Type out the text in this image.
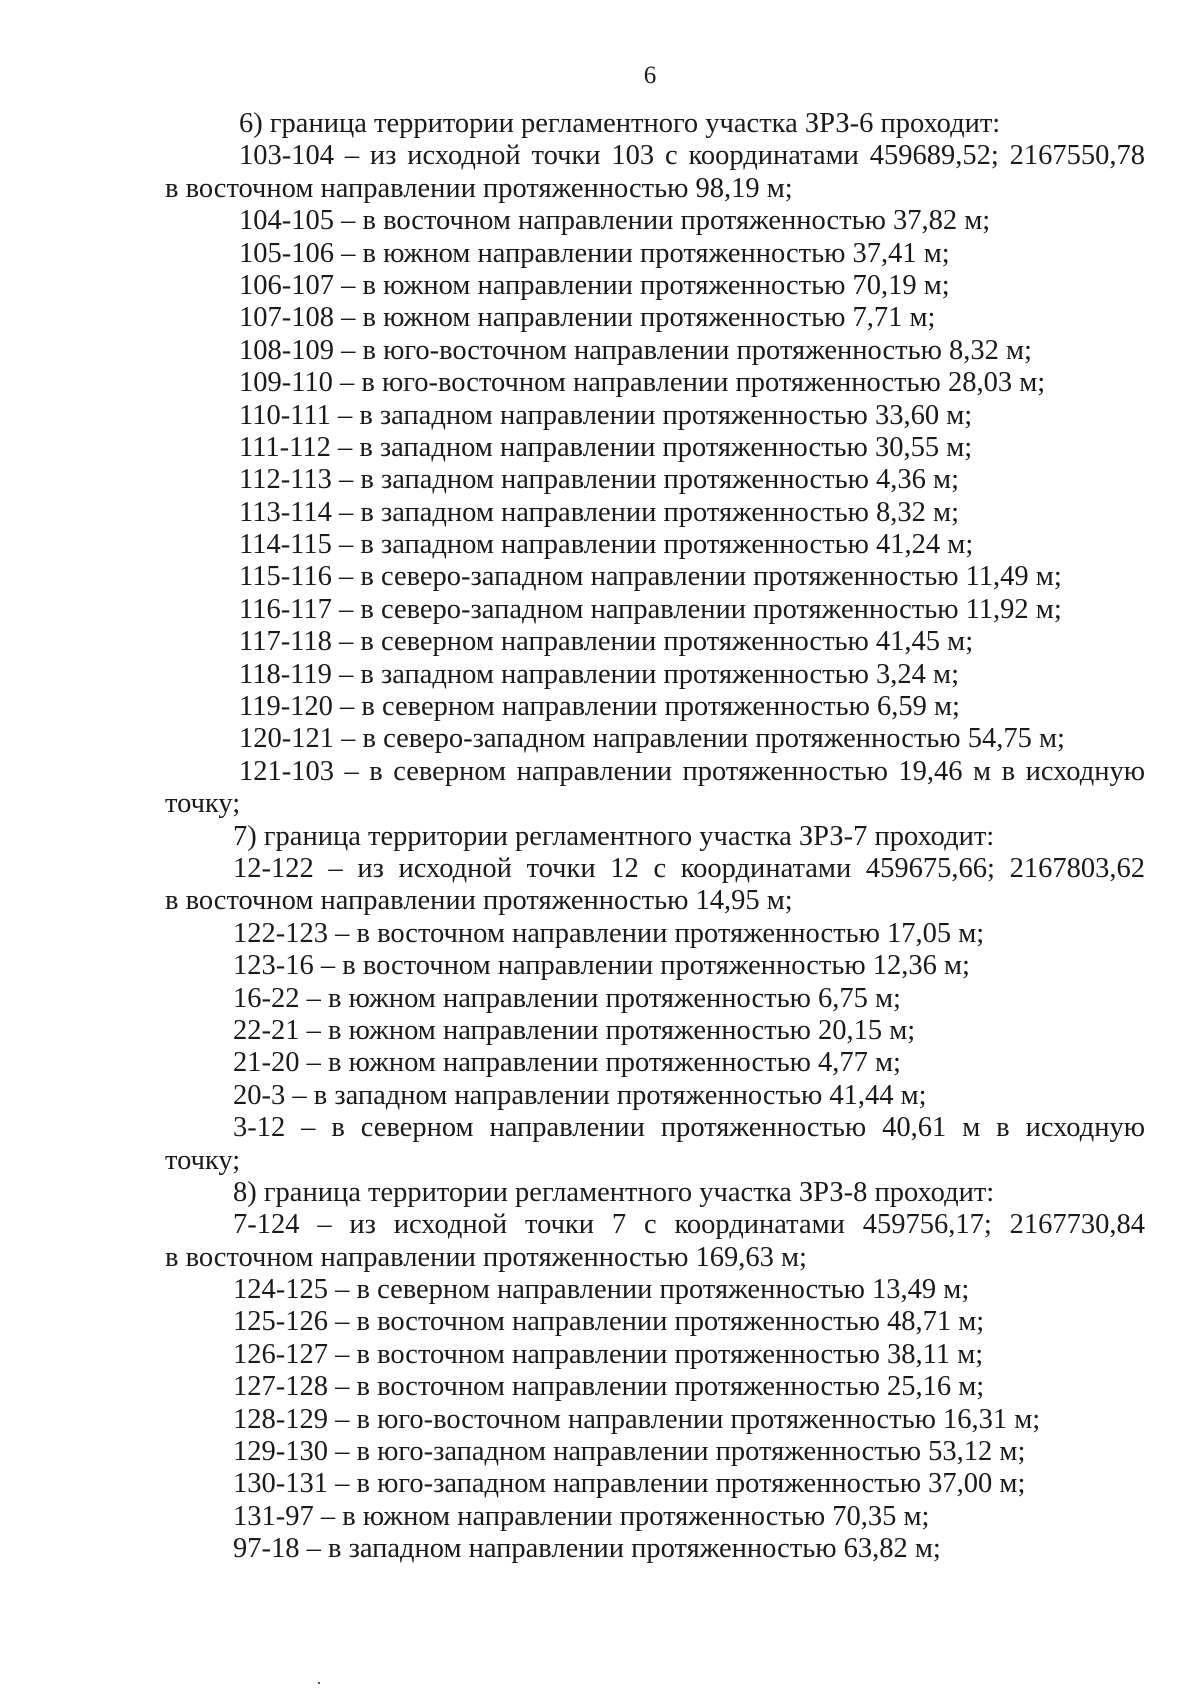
6
6) граница территории регламентного участка ЗРЗ-6 проходит:
103-104 – из исходной точки 103 с координатами 459689,52; 2167550,78
в восточном направлении протяженностью 98,19 м;
104-105 – в восточном направлении протяженностью 37,82 м;
105-106 – в южном направлении протяженностью 37,41 м;
106-107 – в южном направлении протяженностью 70,19 м;
107-108 – в южном направлении протяженностью 7,71 м;
108-109 – в юго-восточном направлении протяженностью 8,32 м;
109-110 – в юго-восточном направлении протяженностью 28,03 м;
110-111 – в западном направлении протяженностью 33,60 м;
111-112 – в западном направлении протяженностью 30,55 м;
112-113 – в западном направлении протяженностью 4,36 м;
113-114 – в западном направлении протяженностью 8,32 м;
114-115 – в западном направлении протяженностью 41,24 м;
115-116 – в северо-западном направлении протяженностью 11,49 м;
116-117 – в северо-западном направлении протяженностью 11,92 м;
117-118 – в северном направлении протяженностью 41,45 м;
118-119 – в западном направлении протяженностью 3,24 м;
119-120 – в северном направлении протяженностью 6,59 м;
120-121 – в северо-западном направлении протяженностью 54,75 м;
121-103 – в северном направлении протяженностью 19,46 м в исходную
точку;
7) граница территории регламентного участка ЗРЗ-7 проходит:
12-122 – из исходной точки 12 с координатами 459675,66; 2167803,62
в восточном направлении протяженностью 14,95 м;
122-123 – в восточном направлении протяженностью 17,05 м;
123-16 – в восточном направлении протяженностью 12,36 м;
16-22 – в южном направлении протяженностью 6,75 м;
22-21 – в южном направлении протяженностью 20,15 м;
21-20 – в южном направлении протяженностью 4,77 м;
20-3 – в западном направлении протяженностью 41,44 м;
3-12 – в северном направлении протяженностью 40,61 м в исходную
точку;
8) граница территории регламентного участка ЗРЗ-8 проходит:
7-124 – из исходной точки 7 с координатами 459756,17; 2167730,84
в восточном направлении протяженностью 169,63 м;
124-125 – в северном направлении протяженностью 13,49 м;
125-126 – в восточном направлении протяженностью 48,71 м;
126-127 – в восточном направлении протяженностью 38,11 м;
127-128 – в восточном направлении протяженностью 25,16 м;
128-129 – в юго-восточном направлении протяженностью 16,31 м;
129-130 – в юго-западном направлении протяженностью 53,12 м;
130-131 – в юго-западном направлении протяженностью 37,00 м;
131-97 – в южном направлении протяженностью 70,35 м;
97-18 – в западном направлении протяженностью 63,82 м;
